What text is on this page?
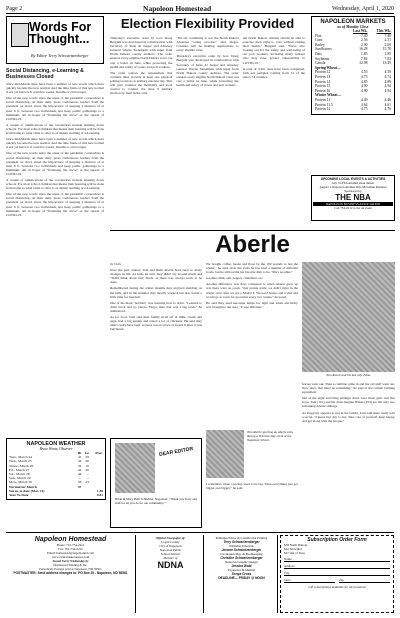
Page 2	Napoleon Homestead	Wednesday, April 1, 2020
Words For Thought...
By Editor Terry Schwartzenberger
Social Distancing, e-Learning & Businesses Closed

Since mid-March there have been a number of new words which have quickly become the new normal. And the time frame of this new normal is not yet known. It could be weeks, months or even longer.

One of the new words since the onset of the pandemic coronavirus is social distancing. At their daily press conferences leaders from the president on down stress the importance of keeping a distance of at least 6 ft. between two individuals and keep public gatherings to a minimum. All in hopes of "flattening the curve" or the spread of COVID-19.

A couple of ramifications of the coronavirus include shutting down schools. For most school children that means their learning will be done from home so what came to refer to as distant learning or e-Learning.

Since mid-March there have been a number of new words which have quickly become the new normal. And the time frame of this new normal is not yet known. It could be weeks, months or even longer.

One of the new words since the onset of the pandemic coronavirus is social distancing. At their daily press conferences leaders from the president on down stress the importance of keeping a distance of at least 6 ft. between two individuals and keep public gatherings to a minimum. All in hopes of "flattening the curve" or the spread of COVID-19.

A couple of ramifications of the coronavirus include shutting down schools. For most school children that means their learning will be done from home so what came to refer to as distant learning or e-Learning.

One of the new words since the onset of the pandemic coronavirus is social distancing. At their daily press conferences leaders from the president on down stress the importance of keeping a distance of at least 6 ft. between two individuals and keep public gatherings to a minimum. All in hopes of "flattening the curve" or the spread of COVID-19.

Election Flexibility Provided

Thursday's executive order by Gov. Doug Burgum was developed in collaboration with Secretary of State Al Jaeger and Attorney General Wayne Stenehjem with input from North Dakota county auditors. The order ensures every eligible North Dakota voter can cast a ballot in June, while protecting the health and safety of voters and poll workers.

The order waives the requirement that counties must provide at least one physical polling location on primary election day. This will give counties the flexibility and local control to conduct the June 9 primary election by mail ballot only.

"We are continuing to use the North Dakota Absentee voting process," said Jaeger. Counties will be mailing applications to every eligible voter.

Thursday's executive order by Gov. Doug Burgum was developed in collaboration with Secretary of State Al Jaeger and Attorney General Wayne Stenehjem with input from North Dakota county auditors. The order ensures every eligible North Dakota voter can cast a ballot in June, while protecting the health and safety of voters and poll workers.

All North Dakota citizens should be able to exercise their right to vote without risking their health," Burgum said. "We're also looking out for the safety and well-being of our poll workers, including many retirees who may have greater vulnerability to COVID-19."

A total of 3,201 tests have been completed, with test samples coming from 31 of the state's 53 counties.

NAPOLEON MARKETS
as of Monday Close
	Last Wk.	This Wk.
Flax	7.40	7.40
Corn	2.56	2.51
Barley	2.00	2.00
Sunflowers	16.28	15.70
Oats	1.85	1.85
Soybeans	7.84	7.83
Canola	12.98	13.29
Spring Wheat—		
Protein 12	4.55	4.59
Protein 13	4.73	4.74
Protein 14	4.85	4.89
Protein 15	4.90	4.94
Protein 16	4.90	4.94
Winter Wheat—		
Protein 11	4.49	4.46
Protein 11.5	4.64	4.61
Protein 12	4.75	4.76
UPCOMING LOCAL EVENTS & ACTIVITIES
July 31-FFA Alumni steak dinner
August 1-Napoleon Alumni Day, McGahan Reunion
Sponsored by
THE NBA
NAPOLEON BUSINESS ASSOCIATION
Call 754-2212 to list an event
Aberle

by Ciah

Over the past century Tom and Ruth Aberle have seen so many changes in life. As kids, he said, they didn't lay around much and "didn't think about fun" much, as there was always work to be done.

Remembered during the winter months they enjoyed sledding on the hills, and in the summer they mostly worked, but also found a little time for baseball.

One of his main "hobbies" was learning how to drive. "Learned to drive truck and go places. Fargo; man that was a big town," he reminisced.

As for food, Tom said their family lived off of milk, cream and eggs, had a big garden and raised a lot of chickens. He said they didn't really have beef, as there was no place to freeze it after it was butchered.

We bought coffee, beans and flour by the 100 pounds to last the winter," he said. Over the years he has tried a number of different foods, but he still recalls his favorite dish to be, "Ma's noodles."

noodles: milk, salt, pepper, cinnamon, etc.

Another difference was days compared to when Aberle grew up was there were no roads. "Just prairie trails; we didn't drive in the winter once after we got a Model T. We used horses and a sled and would go to town for groceries every two weeks," he noted.

He said they used kerosene lamps for light and when electricity was brought to the area, "it was different."

Tom Aberle and his late wife Edna.

horses went out. Then a combine came in and the old stuff went out. Now days, that must be something," he said of the current farming equipment.

Out of the eight surviving siblings, there were three girls and five boys. Tom (101) and his sister Regina Weber (104) are the only two remaining Aberle siblings.

As longevity appears to run in the family, Tom said there really isn't a secret. "I guess live day to day. Take care of yourself, keep happy, and get along with the people."

Tom Aberle sporting an Aberle coin, during a Veterans Day event at the Napoleon School.

I remember when a pickup used to be big. Then everything just got bigger and bigger," he said.

NAPOLEON WEATHER
Bruce Wentz, Observer
	Hi	Lo	Prec.
Tues., March 24	45	29	
Wed., March 25	44	26	
Thurs., March 26	34	19	
Fri., March 27	44	26	
Sat., March 28	46	--	
Sun., March 29	--	--	
Mon., March 30	56	23	
Normal for March	47		
Norm. to date (Mar. 31)			1.30
Year To Date			0.81
DEAR EDITOR
Brian & Mary Beth Schneider, Napoleon: "Thank you Terry and staff for all you do for our community."
Napoleon Homestead
Phone: 701-754-2212
Fax: 701-754-2212
Email: homestead@napoleonnd.com
www.centraldakotanews.com
Issued Every Wednesday by
Homestead Printing & Inc.
Periodicals Postage paid at Napoleon, ND 58561
POSTMASTER: Send address changes to: PO Box 29 - Napoleon, ND 58561
Official Newspaper of:
Logan County
City of Napoleon
Napoleon Public
School District
Member of
NDNA
Publisher/Editor & Commercial Printing
Terry Schwartzenberger
Publisher Emeritus
Jerome Schwartzenberger
Circulation Mgr. & Bookkeeping
Christine Schwartzenberger
Reporter/Graphic Design
Jessica Wald
Typesetter & Mailing
Sonya Gross
DEADLINE— FRIDAY @ NOON
Subscription Order Form
$38 North Dakota
$42 Snowbird
$47 Out of State
Name
Address
City
State	Zip
Gift subscriptions available for all occasions
